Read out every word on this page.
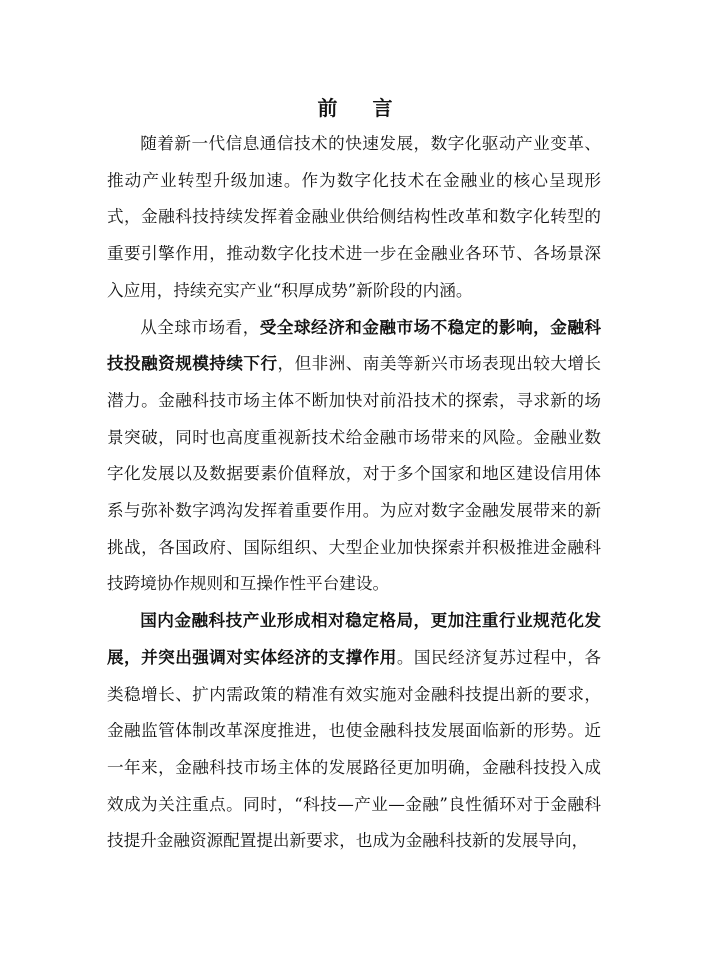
前 言

随着新一代信息通信技术的快速发展，数字化驱动产业变革、推动产业转型升级加速。作为数字化技术在金融业的核心呈现形式，金融科技持续发挥着金融业供给侧结构性改革和数字化转型的重要引擎作用，推动数字化技术进一步在金融业各环节、各场景深入应用，持续充实产业“积厚成势”新阶段的内涵。

从全球市场看，受全球经济和金融市场不稳定的影响，金融科技投融资规模持续下行，但非洲、南美等新兴市场表现出较大增长潜力。金融科技市场主体不断加快对前沿技术的探索，寻求新的场景突破，同时也高度重视新技术给金融市场带来的风险。金融业数字化发展以及数据要素价值释放，对于多个国家和地区建设信用体系与弥补数字鸿沟发挥着重要作用。为应对数字金融发展带来的新挑战，各国政府、国际组织、大型企业加快探索并积极推进金融科技跨境协作规则和互操作性平台建设。

国内金融科技产业形成相对稳定格局，更加注重行业规范化发展，并突出强调对实体经济的支撑作用。国民经济复苏过程中，各类稳增长、扩内需政策的精准有效实施对金融科技提出新的要求，金融监管体制改革深度推进，也使金融科技发展面临新的形势。近一年来，金融科技市场主体的发展路径更加明确，金融科技投入成效成为关注重点。同时，“科技—产业—金融”良性循环对于金融科技提升金融资源配置提出新要求，也成为金融科技新的发展导向，
